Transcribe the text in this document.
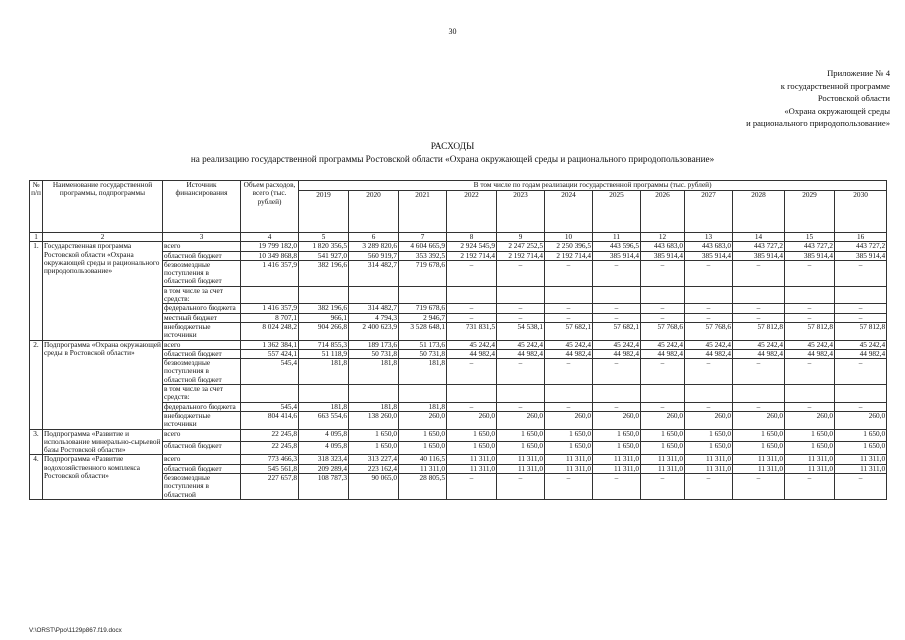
30
Приложение № 4
к государственной программе
Ростовской области
«Охрана окружающей среды
и рационального природопользование»
РАСХОДЫ
на реализацию государственной программы Ростовской области «Охрана окружающей среды и рационального природопользование»
№ п/п	Наименование государственной программы, подпрограммы	Источник финансирования	Объем расходов, всего (тыс. рублей)	В том числе по годам реализации государственной программы (тыс. рублей)											
				2019	2020	2021	2022	2023	2024	2025	2026	2027	2028	2029	2030
1	2	3	4	5	6	7	8	9	10	11	12	13	14	15	16
1.	Государственная программа Ростовской области «Охрана окружающей среды и рационального природопользование»	всего	19 799 182,0	1 820 356,5	3 289 820,6	4 604 665,9	2 924 545,9	2 247 252,5	2 250 396,5	443 596,5	443 683,0	443 683,0	443 727,2	443 727,2	443 727,2
		областной бюджет	10 349 868,8	541 927,0	560 919,7	353 392,5	2 192 714,4	2 192 714,4	2 192 714,4	385 914,4	385 914,4	385 914,4	385 914,4	385 914,4	385 914,4
		безвозмездные поступления в областной бюджет	1 416 357,9	382 196,6	314 482,7	719 678,6	–	–	–	–	–	–	–	–	–
		в том числе за счет средств:													
		федерального бюджета	1 416 357,9	382 196,6	314 482,7	719 678,6	–	–	–	–	–	–	–	–	–
		местный бюджет	8 707,1	966,1	4 794,3	2 946,7	–	–	–	–	–	–	–	–	–
		внебюджетные источники	8 024 248,2	904 266,8	2 400 623,9	3 528 648,1	731 831,5	54 538,1	57 682,1	57 682,1	57 768,6	57 768,6	57 812,8	57 812,8	57 812,8
2.	Подпрограмма «Охрана окружающей среды в Ростовской области»	всего	1 362 384,1	714 855,3	189 173,6	51 173,6	45 242,4	45 242,4	45 242,4	45 242,4	45 242,4	45 242,4	45 242,4	45 242,4	45 242,4
		областной бюджет	557 424,1	51 118,9	50 731,8	50 731,8	44 982,4	44 982,4	44 982,4	44 982,4	44 982,4	44 982,4	44 982,4	44 982,4	44 982,4
		безвозмездные поступления в областной бюджет	545,4	181,8	181,8	181,8	–	–	–	–	–	–	–	–	–
		в том числе за счет средств:													
		федерального бюджета	545,4	181,8	181,8	181,8	–	–	–	–	–	–	–	–	–
		внебюджетные источники	804 414,6	663 554,6	138 260,0	260,0	260,0	260,0	260,0	260,0	260,0	260,0	260,0	260,0	260,0
3.	Подпрограмма «Развитие и использование минерально-сырьевой базы Ростовской области»	всего	22 245,8	4 095,8	1 650,0	1 650,0	1 650,0	1 650,0	1 650,0	1 650,0	1 650,0	1 650,0	1 650,0	1 650,0	1 650,0
		областной бюджет	22 245,8	4 095,8	1 650,0	1 650,0	1 650,0	1 650,0	1 650,0	1 650,0	1 650,0	1 650,0	1 650,0	1 650,0	1 650,0
4.	Подпрограмма «Развитие водохозяйственного комплекса Ростовской области»	всего	773 466,3	318 323,4	313 227,4	40 116,5	11 311,0	11 311,0	11 311,0	11 311,0	11 311,0	11 311,0	11 311,0	11 311,0	11 311,0
		областной бюджет	545 561,8	209 289,4	223 162,4	11 311,0	11 311,0	11 311,0	11 311,0	11 311,0	11 311,0	11 311,0	11 311,0	11 311,0	11 311,0
		безвозмездные поступления в областной	227 657,8	108 787,3	90 065,0	28 805,5	–	–	–	–	–	–	–	–	–
V:\ORST\Ppo\1129p867.f19.docx
